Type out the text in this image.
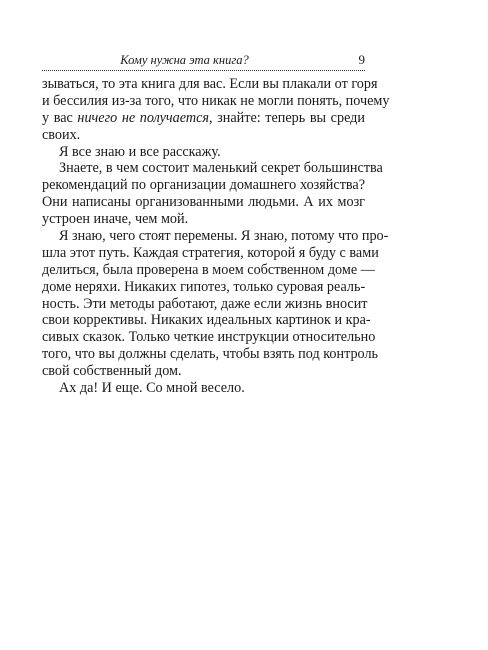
Кому нужна эта книга?	9
зываться, то эта книга для вас. Если вы плакали от горя
и бессилия из-за того, что никак не могли понять, почему
у вас ничего не получается, знайте: теперь вы среди
своих.
Я все знаю и все расскажу.
Знаете, в чем состоит маленький секрет большинства
рекомендаций по организации домашнего хозяйства?
Они написаны организованными людьми. А их мозг
устроен иначе, чем мой.
Я знаю, чего стоят перемены. Я знаю, потому что про-
шла этот путь. Каждая стратегия, которой я буду с вами
делиться, была проверена в моем собственном доме —
доме неряхи. Никаких гипотез, только суровая реаль-
ность. Эти методы работают, даже если жизнь вносит
свои коррективы. Никаких идеальных картинок и кра-
сивых сказок. Только четкие инструкции относительно
того, что вы должны сделать, чтобы взять под контроль
свой собственный дом.
Ах да! И еще. Со мной весело.
